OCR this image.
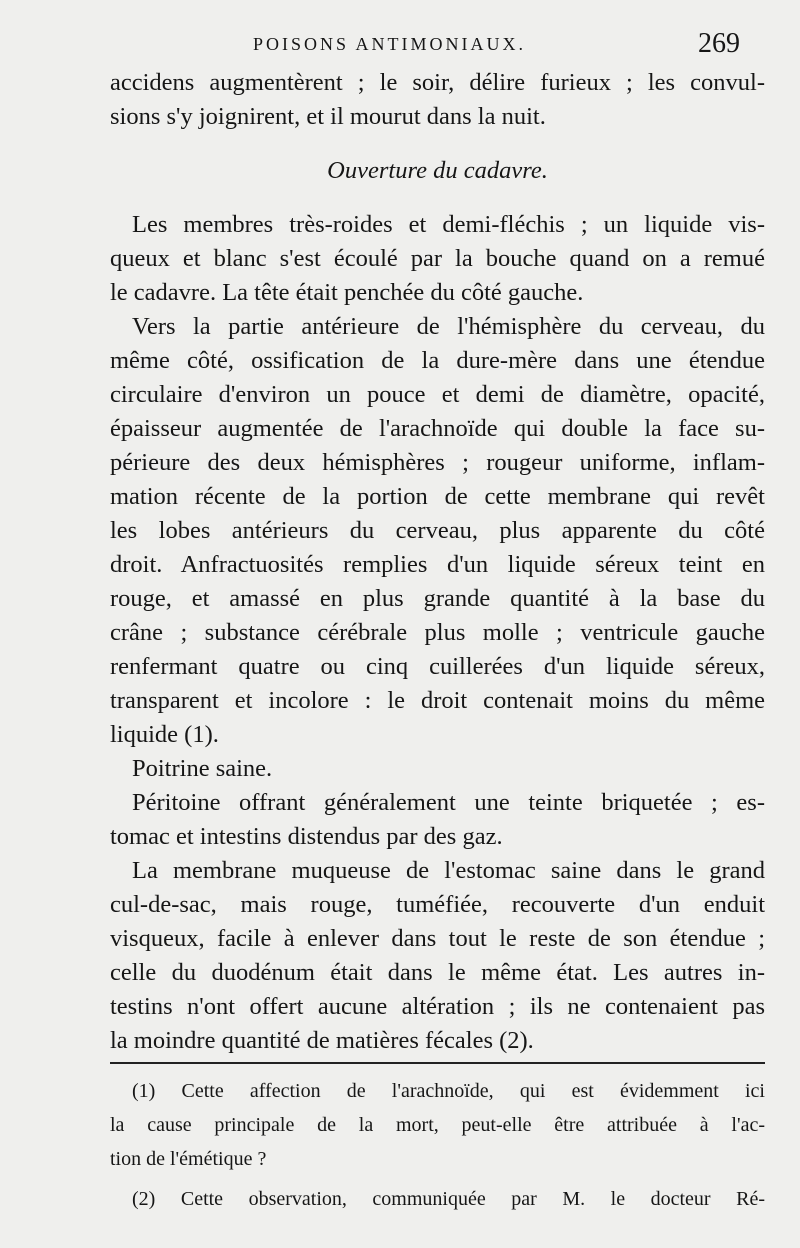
POISONS ANTIMONIAUX.	269
accidens augmentèrent ; le soir, délire furieux ; les convul-
sions s'y joignirent, et il mourut dans la nuit.
Ouverture du cadavre.
Les membres très-roides et demi-fléchis ; un liquide vis-
queux et blanc s'est écoulé par la bouche quand on a remué
le cadavre. La tête était penchée du côté gauche.
Vers la partie antérieure de l'hémisphère du cerveau, du
même côté, ossification de la dure-mère dans une étendue
circulaire d'environ un pouce et demi de diamètre, opacité,
épaisseur augmentée de l'arachnoïde qui double la face su-
périeure des deux hémisphères ; rougeur uniforme, inflam-
mation récente de la portion de cette membrane qui revêt
les lobes antérieurs du cerveau, plus apparente du côté
droit. Anfractuosités remplies d'un liquide séreux teint en
rouge, et amassé en plus grande quantité à la base du
crâne ; substance cérébrale plus molle ; ventricule gauche
renfermant quatre ou cinq cuillerées d'un liquide séreux,
transparent et incolore : le droit contenait moins du même
liquide (1).
Poitrine saine.
Péritoine offrant généralement une teinte briquetée ; es-
tomac et intestins distendus par des gaz.
La membrane muqueuse de l'estomac saine dans le grand
cul-de-sac, mais rouge, tuméfiée, recouverte d'un enduit
visqueux, facile à enlever dans tout le reste de son étendue ;
celle du duodénum était dans le même état. Les autres in-
testins n'ont offert aucune altération ; ils ne contenaient pas
la moindre quantité de matières fécales (2).
(1) Cette affection de l'arachnoïde, qui est évidemment ici
la cause principale de la mort, peut-elle être attribuée à l'ac-
tion de l'émétique ?
(2) Cette observation, communiquée par M. le docteur Ré-
